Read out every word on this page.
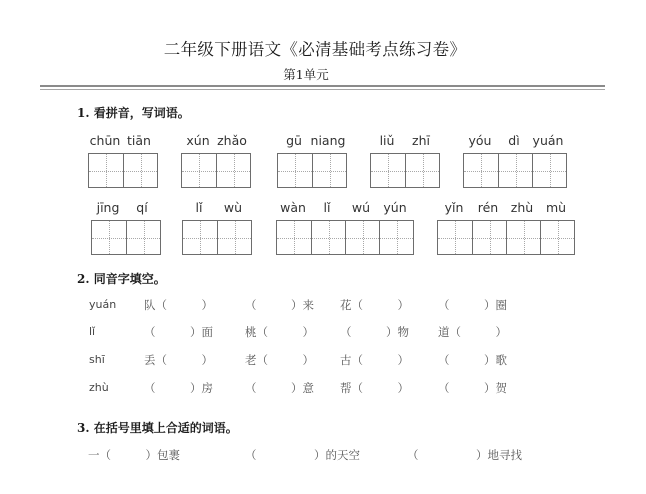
二年级下册语文《必清基础考点练习卷》
第1单元
1. 看拼音，写词语。
chūn tiān	xún zhǎo	gū niang	liǔ	zhī	yóu	dì	yuán
jīng	qí	lǐ	wù	wàn	lǐ	wú	yún	yǐn	rén	zhù	mù
2. 同音字填空。
yuán 队（　　　）	（　　　）来 花（　　　）	（　　　）圈
lǐ	（　　　）面	桃（　　　） （　　　）物	道（　　　）
shī	丢（　　　）	老（　　　） 古（　　　）	（　　　）歌
zhù	（　　　）房	（　　　）意 帮（　　　）	（　　　）贺
3. 在括号里填上合适的词语。
一（　　　）包裹	（　　　　　）的天空	（　　　　　）地寻找
